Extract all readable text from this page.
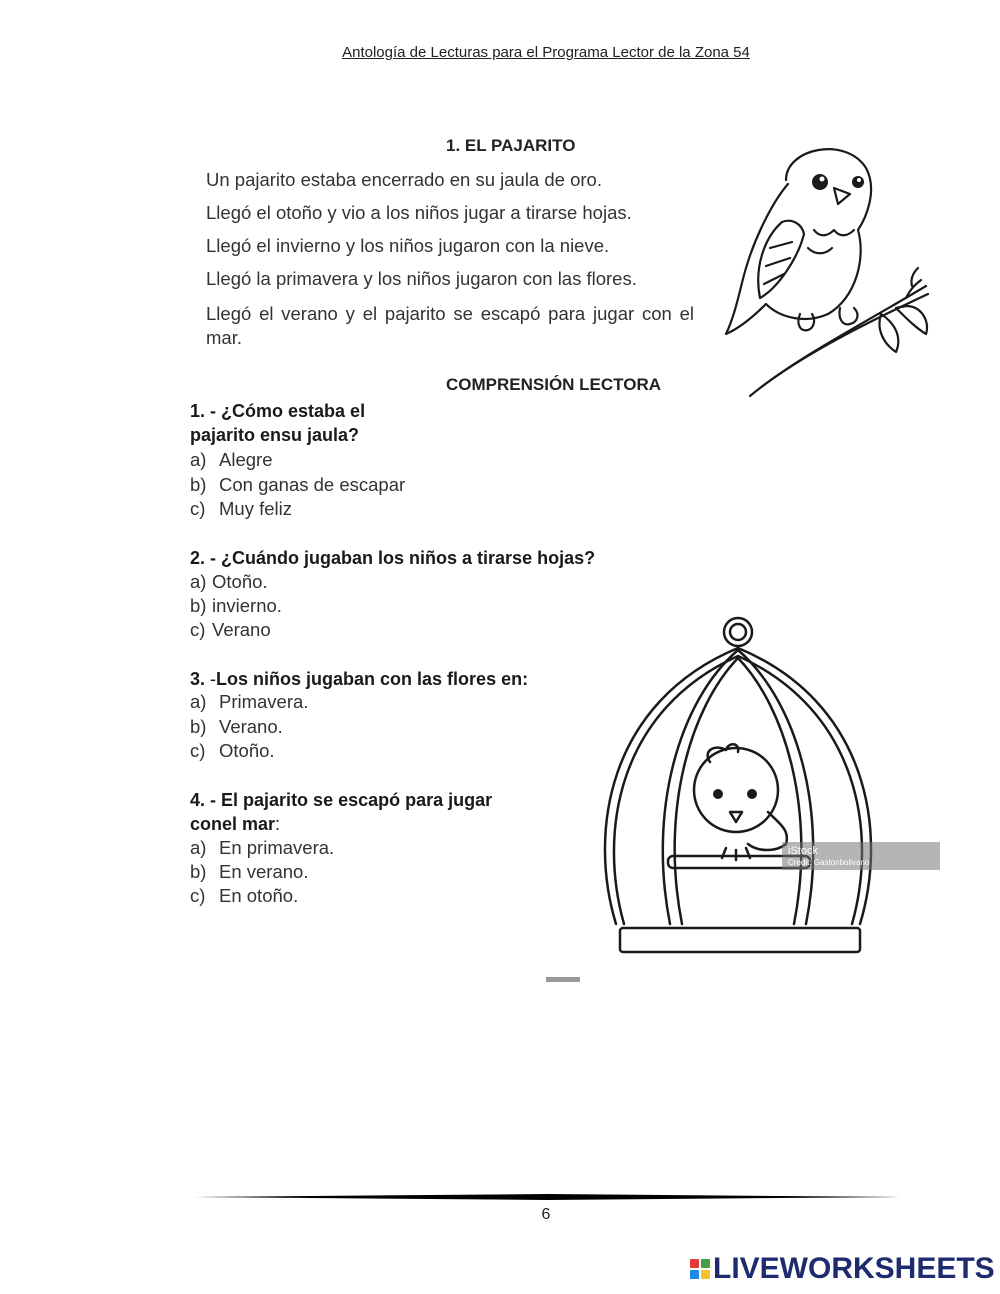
Antología de Lecturas para el Programa Lector de la Zona 54
1. EL PAJARITO
Un pajarito estaba encerrado en su jaula de oro.
Llegó el otoño y vio a los niños jugar a tirarse hojas.
Llegó el invierno y los niños jugaron con la nieve.
Llegó la primavera y los niños jugaron con las flores.
Llegó el verano y el pajarito se escapó para jugar con el mar.
COMPRENSIÓN LECTORA
1. - ¿Cómo estaba el
pajarito ensu jaula?
a) Alegre
b) Con ganas de escapar
c) Muy feliz
2. - ¿Cuándo jugaban los niños a tirarse hojas?
a) Otoño.
b) invierno.
c) Verano
3. -Los niños jugaban con las flores en:
a) Primavera.
b) Verano.
c) Otoño.
4. - El pajarito se escapó para jugar
conel mar:
a) En primavera.
b) En verano.
c) En otoño.
iStock
Credit: Gastonbolivano
6
LIVEWORKSHEETS
